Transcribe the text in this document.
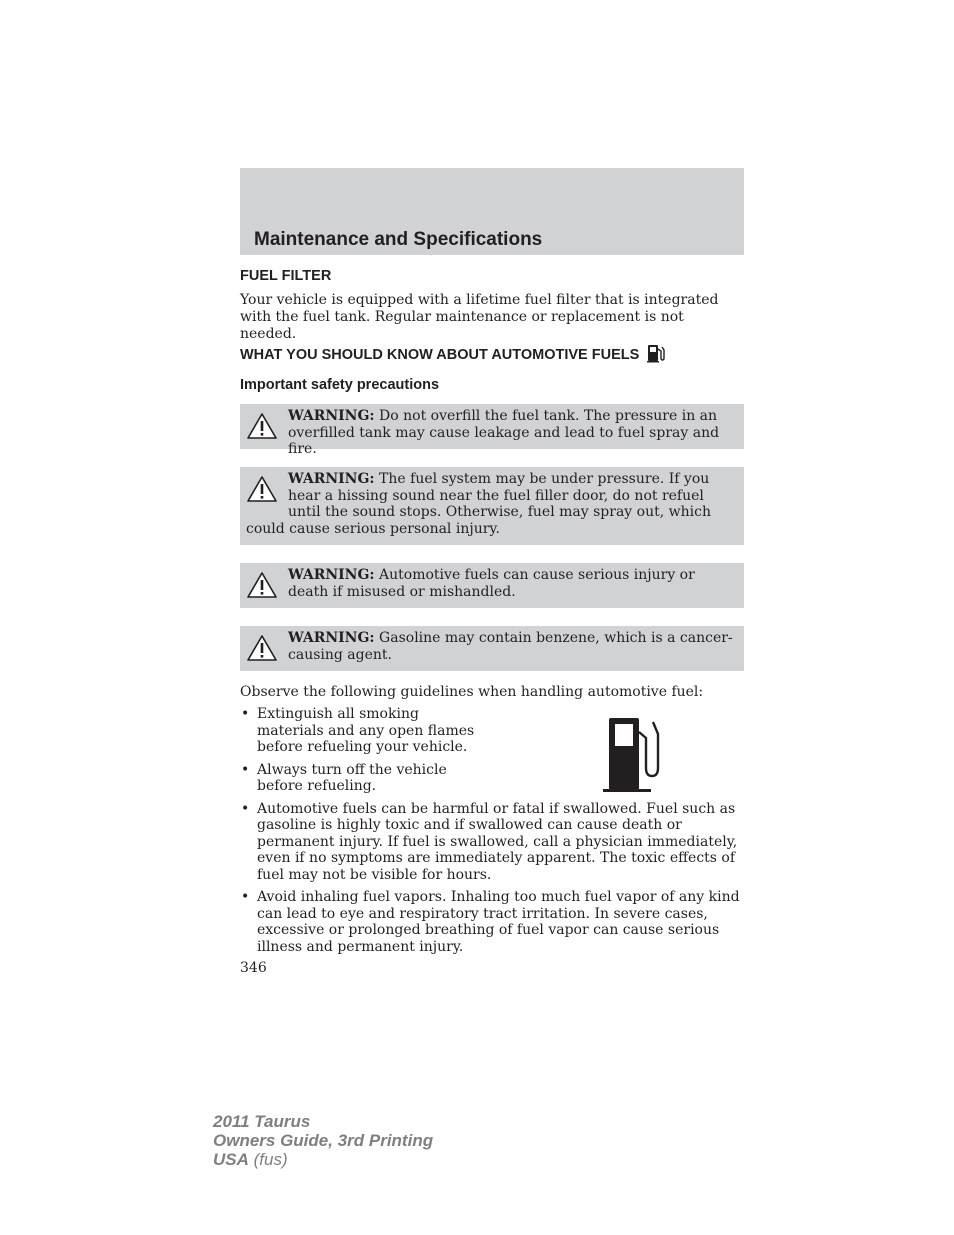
Maintenance and Specifications
FUEL FILTER
Your vehicle is equipped with a lifetime fuel filter that is integrated with the fuel tank. Regular maintenance or replacement is not needed.
WHAT YOU SHOULD KNOW ABOUT AUTOMOTIVE FUELS
Important safety precautions
WARNING: Do not overfill the fuel tank. The pressure in an overfilled tank may cause leakage and lead to fuel spray and fire.
WARNING: The fuel system may be under pressure. If you hear a hissing sound near the fuel filler door, do not refuel until the sound stops. Otherwise, fuel may spray out, which could cause serious personal injury.
WARNING: Automotive fuels can cause serious injury or death if misused or mishandled.
WARNING: Gasoline may contain benzene, which is a cancer-causing agent.
Observe the following guidelines when handling automotive fuel:
• Extinguish all smoking materials and any open flames before refueling your vehicle.
• Always turn off the vehicle before refueling.
• Automotive fuels can be harmful or fatal if swallowed. Fuel such as gasoline is highly toxic and if swallowed can cause death or permanent injury. If fuel is swallowed, call a physician immediately, even if no symptoms are immediately apparent. The toxic effects of fuel may not be visible for hours.
• Avoid inhaling fuel vapors. Inhaling too much fuel vapor of any kind can lead to eye and respiratory tract irritation. In severe cases, excessive or prolonged breathing of fuel vapor can cause serious illness and permanent injury.
346
2011 Taurus
Owners Guide, 3rd Printing
USA (fus)
